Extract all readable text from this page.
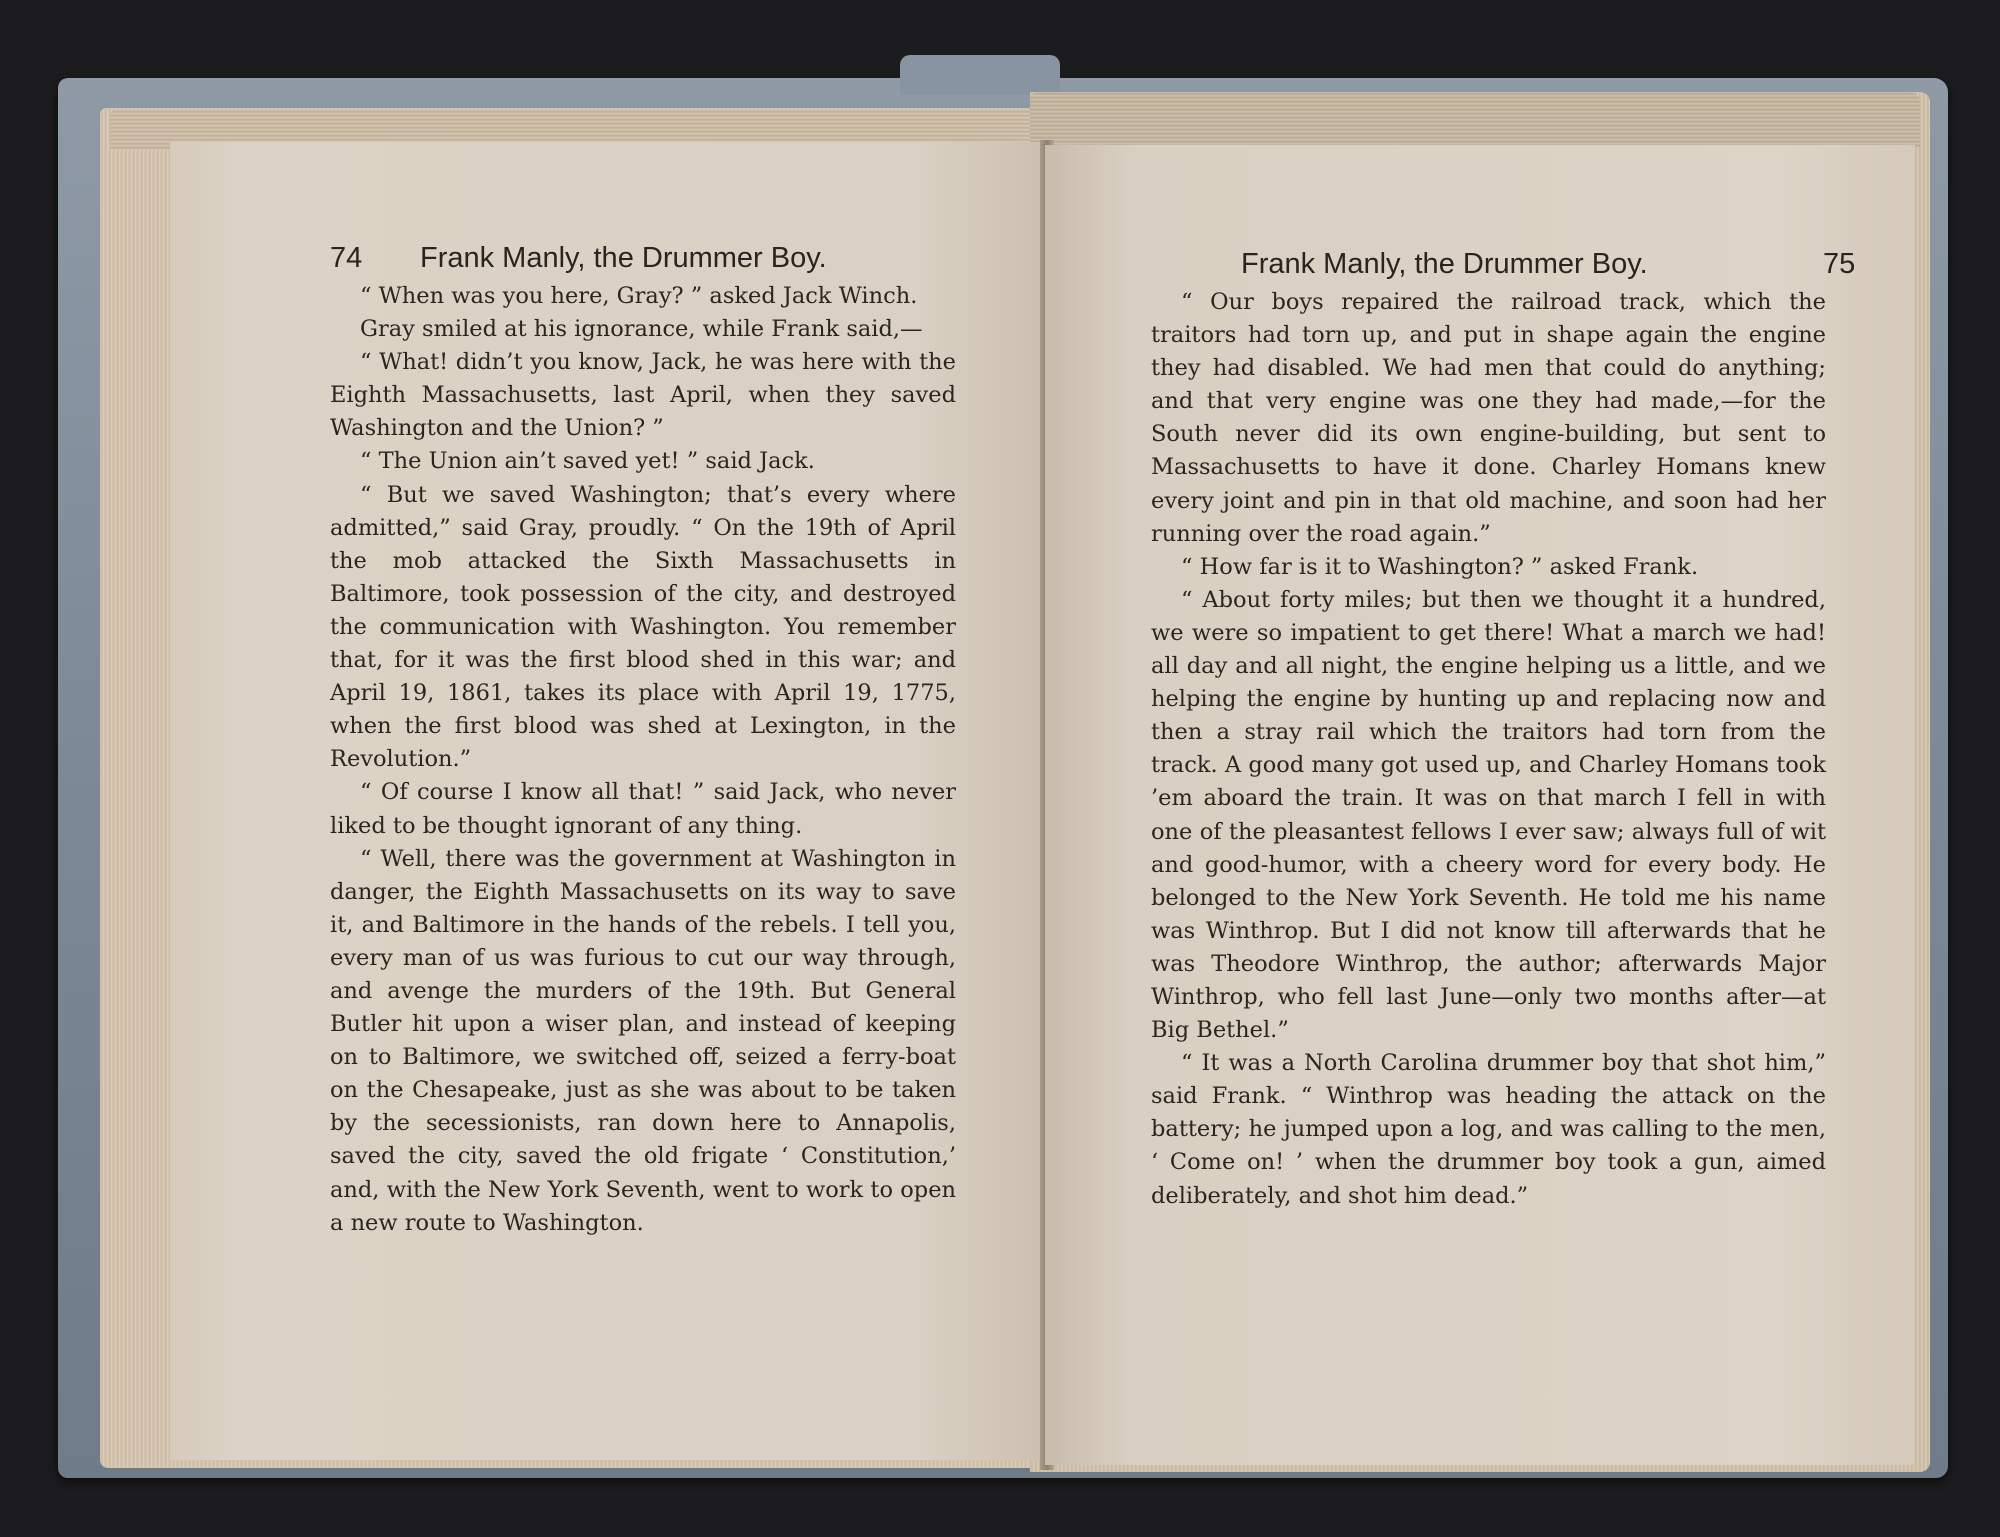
74 Frank Manly, the Drummer Boy.

“ When was you here, Gray? ” asked Jack Winch.

Gray smiled at his ignorance, while Frank said,—

“ What! didn’t you know, Jack, he was here with the Eighth Massachusetts, last April, when they saved Washington and the Union? ”

“ The Union ain’t saved yet! ” said Jack.

“ But we saved Washington; that’s every where admitted,” said Gray, proudly. “ On the 19th of April the mob attacked the Sixth Massachusetts in Baltimore, took possession of the city, and destroyed the communication with Washington. You remember that, for it was the first blood shed in this war; and April 19, 1861, takes its place with April 19, 1775, when the first blood was shed at Lexington, in the Revolution.”

“ Of course I know all that! ” said Jack, who never liked to be thought ignorant of any thing.

“ Well, there was the government at Washington in danger, the Eighth Massachusetts on its way to save it, and Baltimore in the hands of the rebels. I tell you, every man of us was furious to cut our way through, and avenge the murders of the 19th. But General Butler hit upon a wiser plan, and instead of keeping on to Baltimore, we switched off, seized a ferry-boat on the Chesapeake, just as she was about to be taken by the secessionists, ran down here to Annapolis, saved the city, saved the old frigate ‘ Constitution,’ and, with the New York Seventh, went to work to open a new route to Washington.

Frank Manly, the Drummer Boy.	75

“ Our boys repaired the railroad track, which the traitors had torn up, and put in shape again the engine they had disabled. We had men that could do anything; and that very engine was one they had made,—for the South never did its own engine-building, but sent to Massachusetts to have it done. Charley Homans knew every joint and pin in that old machine, and soon had her running over the road again.”

“ How far is it to Washington? ” asked Frank.

“ About forty miles; but then we thought it a hundred, we were so impatient to get there! What a march we had! all day and all night, the engine helping us a little, and we helping the engine by hunting up and replacing now and then a stray rail which the traitors had torn from the track. A good many got used up, and Charley Homans took ’em aboard the train. It was on that march I fell in with one of the pleasantest fellows I ever saw; always full of wit and good-humor, with a cheery word for every body. He belonged to the New York Seventh. He told me his name was Winthrop. But I did not know till afterwards that he was Theodore Winthrop, the author; afterwards Major Winthrop, who fell last June—only two months after—at Big Bethel.”

“ It was a North Carolina drummer boy that shot him,” said Frank. “ Winthrop was heading the attack on the battery; he jumped upon a log, and was calling to the men, ‘ Come on! ’ when the drummer boy took a gun, aimed deliberately, and shot him dead.”
